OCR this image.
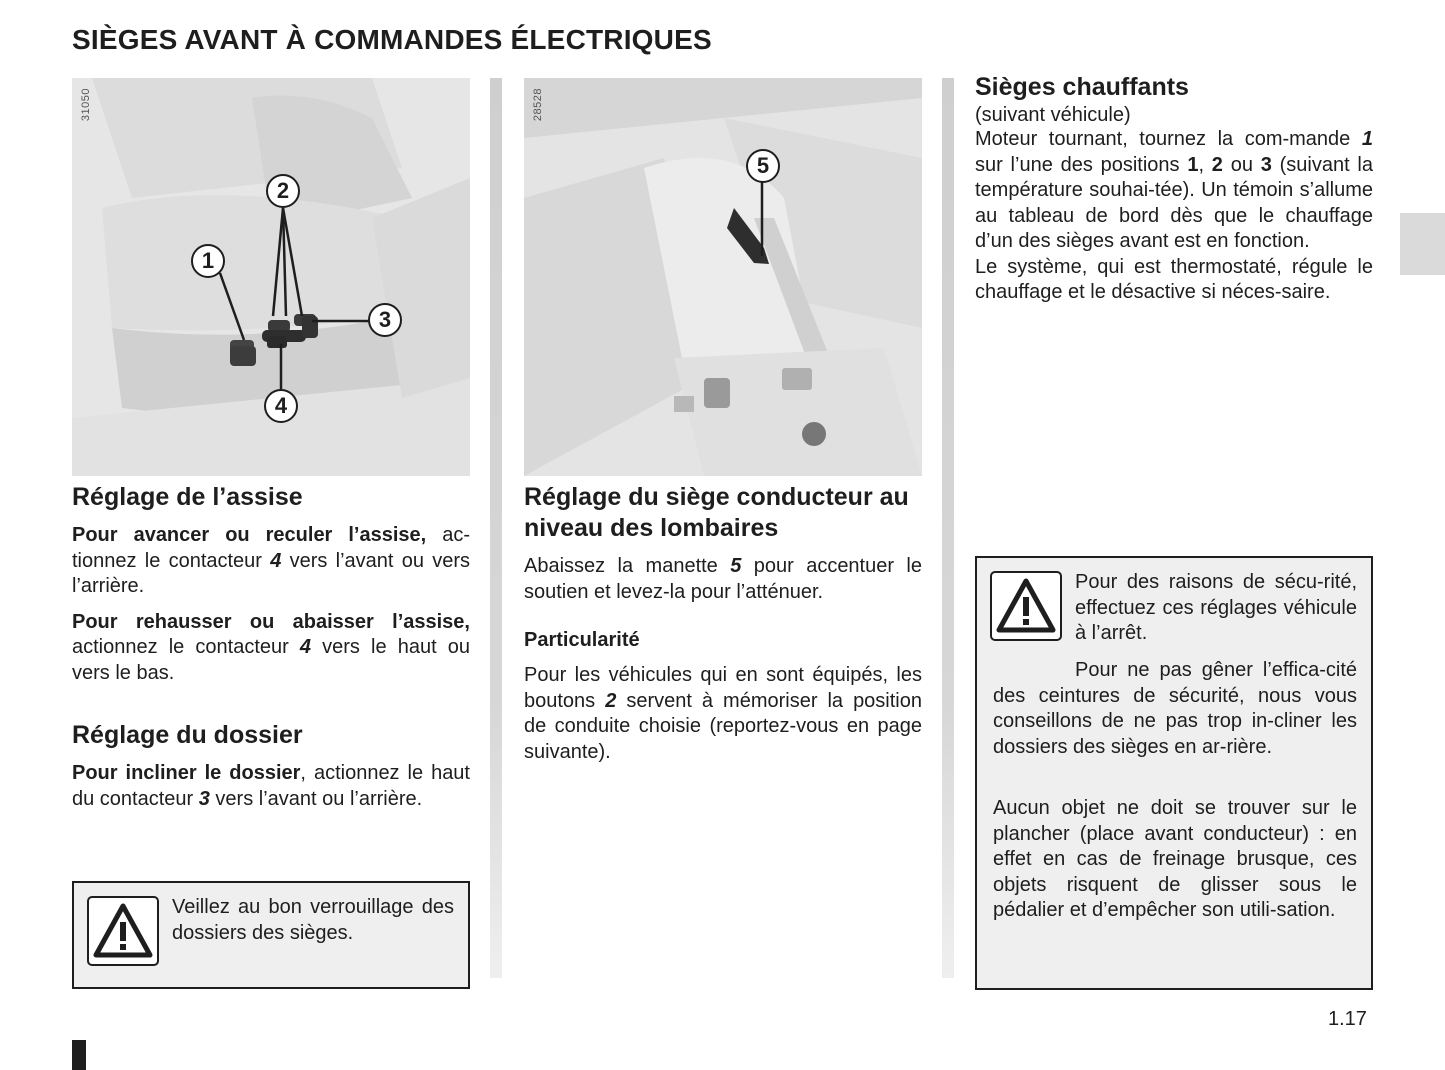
SIÈGES AVANT À COMMANDES ÉLECTRIQUES
31050
1
2
3
4
Réglage de l’assise

Pour avancer ou reculer l’assise, ac-tionnez le contacteur 4 vers l’avant ou vers l’arrière.

Pour rehausser ou abaisser l’assise, actionnez le contacteur 4 vers le haut ou vers le bas.

Réglage du dossier

Pour incliner le dossier, actionnez le haut du contacteur 3 vers l’avant ou l’arrière.

Veillez au bon verrouillage des dossiers des sièges.

28528
5
Réglage du siège conducteur au niveau des lombaires

Abaissez la manette 5 pour accentuer le soutien et levez-la pour l’atténuer.

Particularité

Pour les véhicules qui en sont équipés, les boutons 2 servent à mémoriser la position de conduite choisie (reportez-vous en page suivante).

Sièges chauffants
(suivant véhicule)

Moteur tournant, tournez la com-mande 1 sur l’une des positions 1, 2 ou 3 (suivant la température souhai-tée). Un témoin s’allume au tableau de bord dès que le chauffage d’un des sièges avant est en fonction.

Le système, qui est thermostaté, régule le chauffage et le désactive si néces-saire.

Pour des raisons de sécu-rité, effectuez ces réglages véhicule à l’arrêt.

Pour ne pas gêner l’effica-cité des ceintures de sécurité, nous vous conseillons de ne pas trop in-cliner les dossiers des sièges en ar-rière.

Aucun objet ne doit se trouver sur le plancher (place avant conducteur) : en effet en cas de freinage brusque, ces objets risquent de glisser sous le pédalier et d’empêcher son utili-sation.

1.17
